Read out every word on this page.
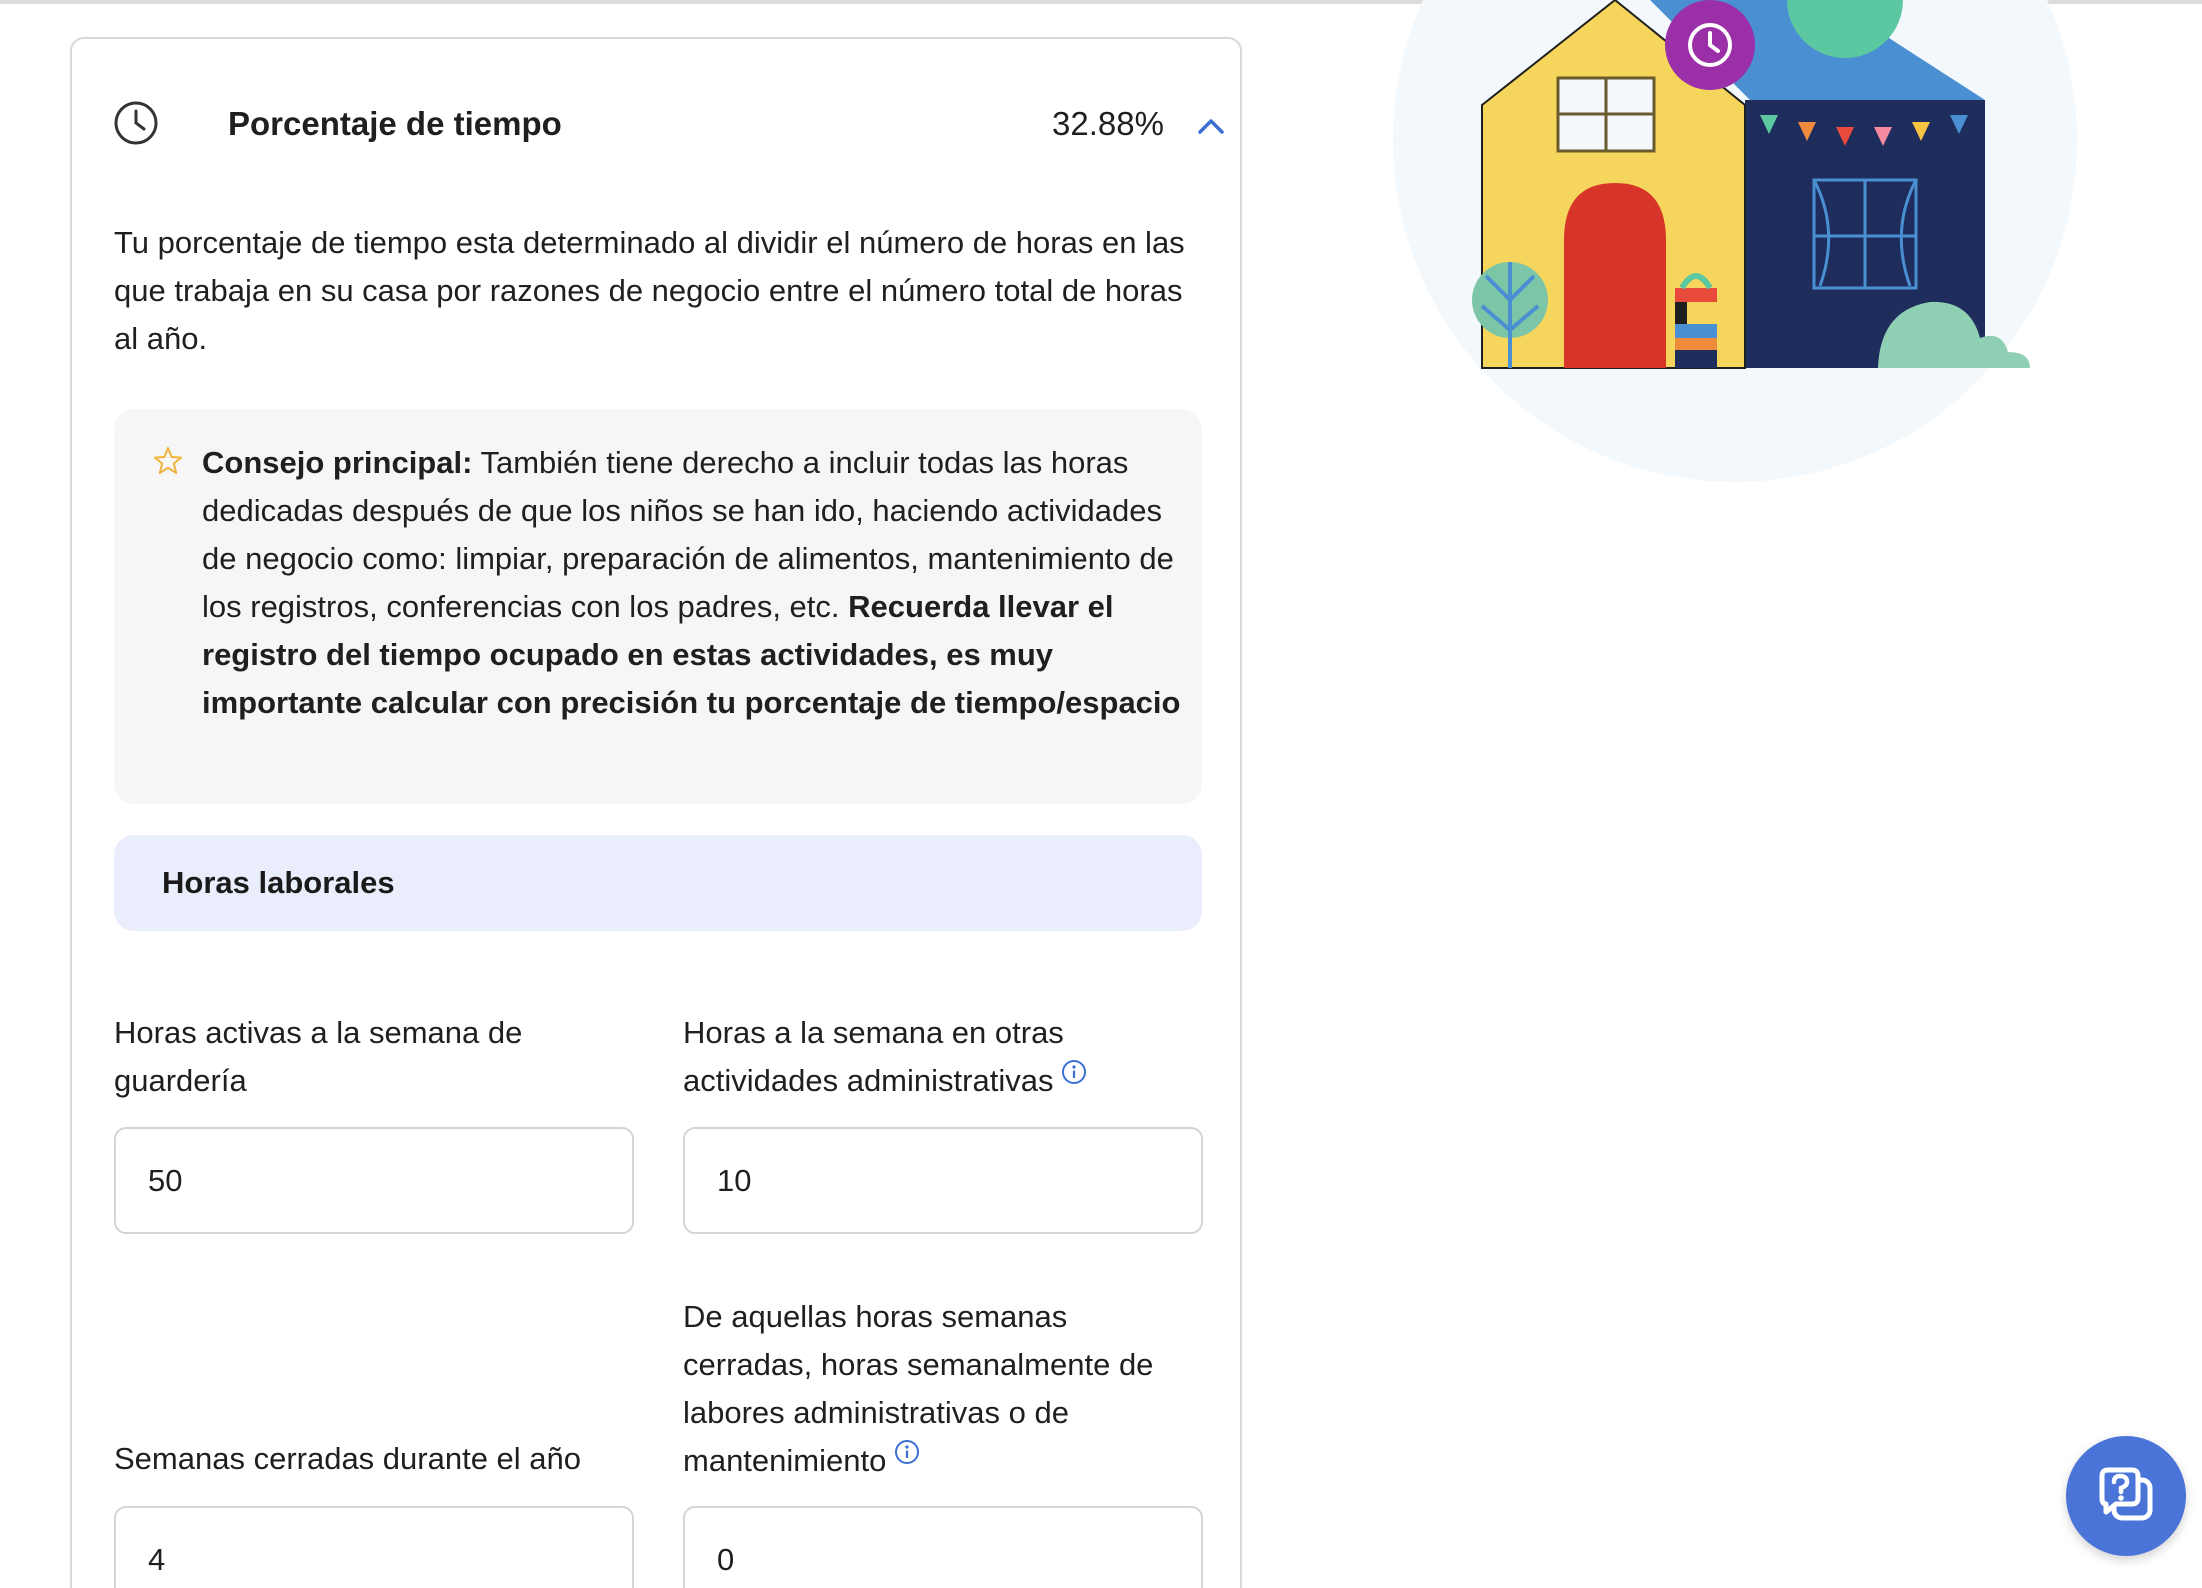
Porcentaje de tiempo	32.88%

Tu porcentaje de tiempo esta determinado al dividir el número de horas en las que trabaja en su casa por razones de negocio entre el número total de horas al año.

Consejo principal: También tiene derecho a incluir todas las horas dedicadas después de que los niños se han ido, haciendo actividades de negocio como: limpiar, preparación de alimentos, mantenimiento de los registros, conferencias con los padres, etc. Recuerda llevar el registro del tiempo ocupado en estas actividades, es muy importante calcular con precisión tu porcentaje de tiempo/espacio

Horas laborales
Horas activas a la semana de guardería
50
Horas a la semana en otras actividades administrativas
10
Semanas cerradas durante el año
4
De aquellas horas semanas cerradas, horas semanalmente de labores administrativas o de mantenimiento
0
